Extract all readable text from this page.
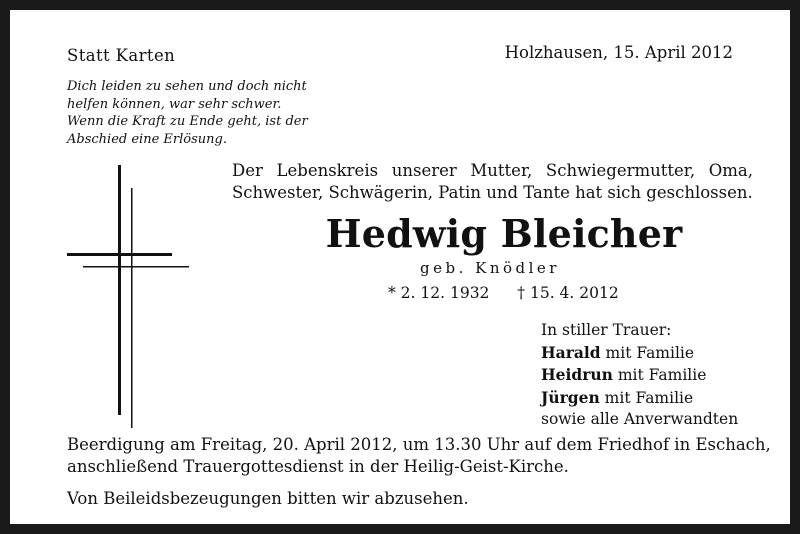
Statt Karten	Holzhausen, 15. April 2012
Dich leiden zu sehen und doch nicht
helfen können, war sehr schwer.
Wenn die Kraft zu Ende geht, ist der
Abschied eine Erlösung.
Der Lebenskreis unserer Mutter, Schwiegermutter, Oma,
Schwester, Schwägerin, Patin und Tante hat sich geschlossen.
Hedwig Bleicher
geb. Knödler
* 2. 12. 1932 † 15. 4. 2012
In stiller Trauer:
Harald mit Familie
Heidrun mit Familie
Jürgen mit Familie
sowie alle Anverwandten
Beerdigung am Freitag, 20. April 2012, um 13.30 Uhr auf dem Friedhof in Eschach,
anschließend Trauergottesdienst in der Heilig-Geist-Kirche.
Von Beileidsbezeugungen bitten wir abzusehen.
